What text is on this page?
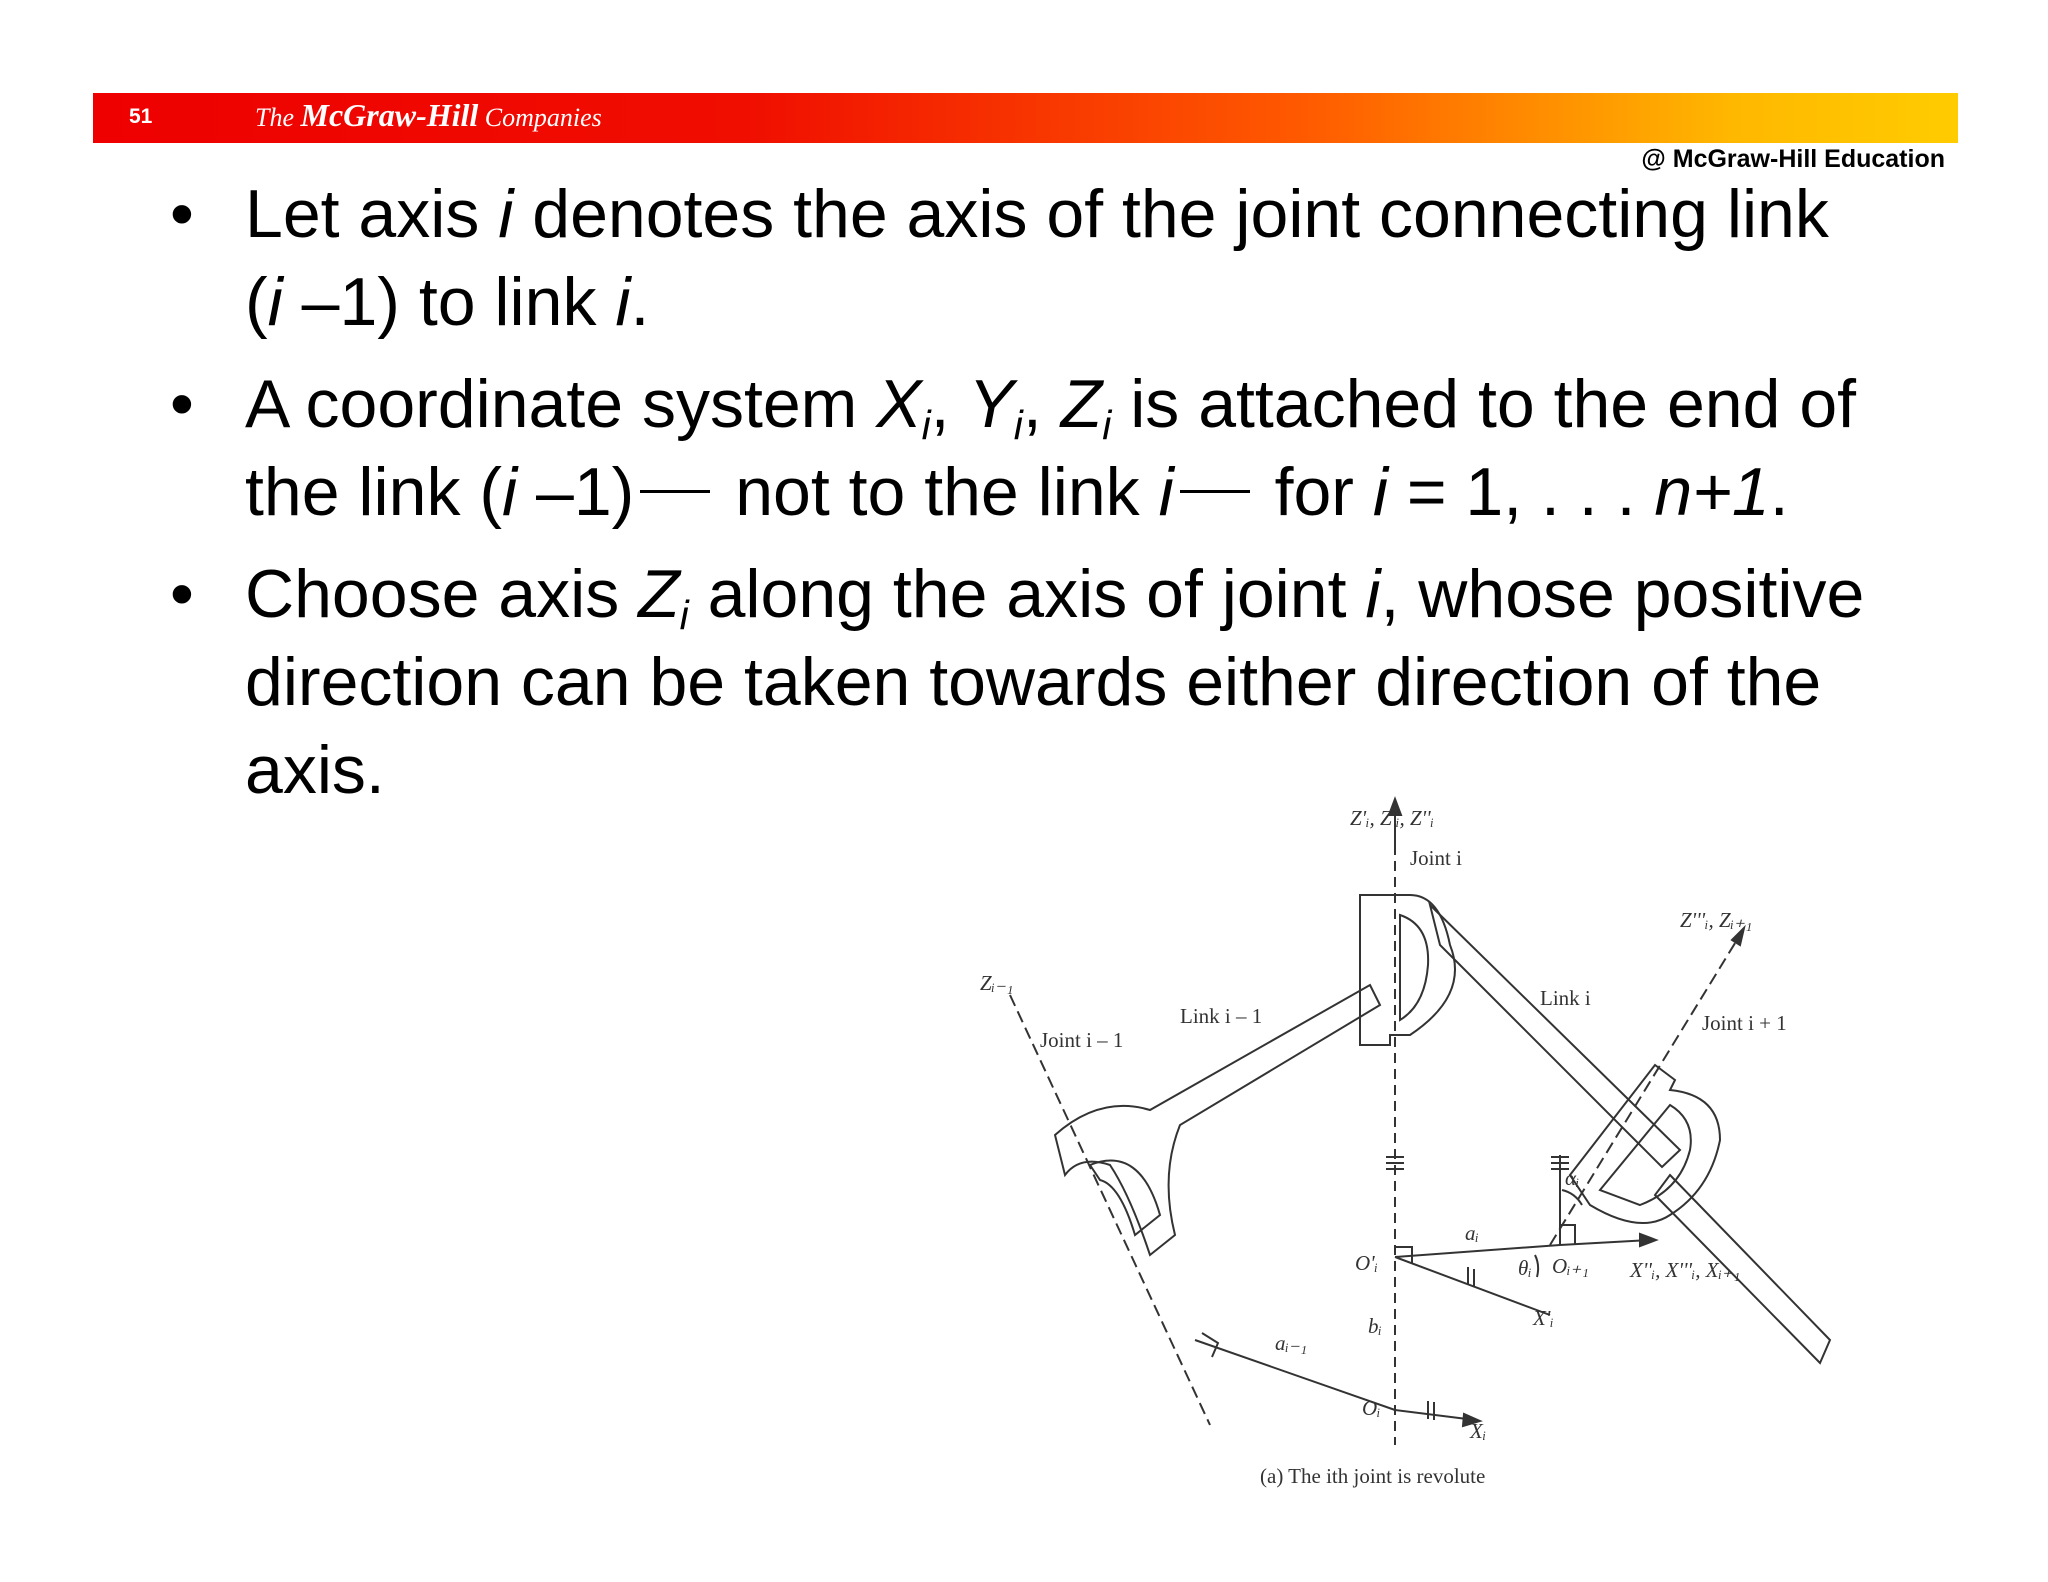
51	The McGraw-Hill Companies
@ McGraw-Hill Education
• Let axis i denotes the axis of the joint connecting link (i –1) to link i.
• A coordinate system $X_i$, $Y_i$, $Z_i$ is attached to the end of the link (i –1) not to the link i for i = 1, . . . n+1.
• Choose axis $Z_i$ along the axis of joint i, whose positive direction can be taken towards either direction of the axis.
Z'ᵢ, Z'ᵢ, Z''ᵢ
Joint i
Zᵢ₋₁
Joint i – 1
Link i – 1
Link i
Z'''ᵢ, Zᵢ₊₁
Joint i + 1
αᵢ
aᵢ
O'ᵢ	θᵢ Oᵢ₊₁ X''ᵢ, X'''ᵢ, Xᵢ₊₁
X'ᵢ
bᵢ
aᵢ₋₁
Oᵢ
Xᵢ
(a) The ith joint is revolute
